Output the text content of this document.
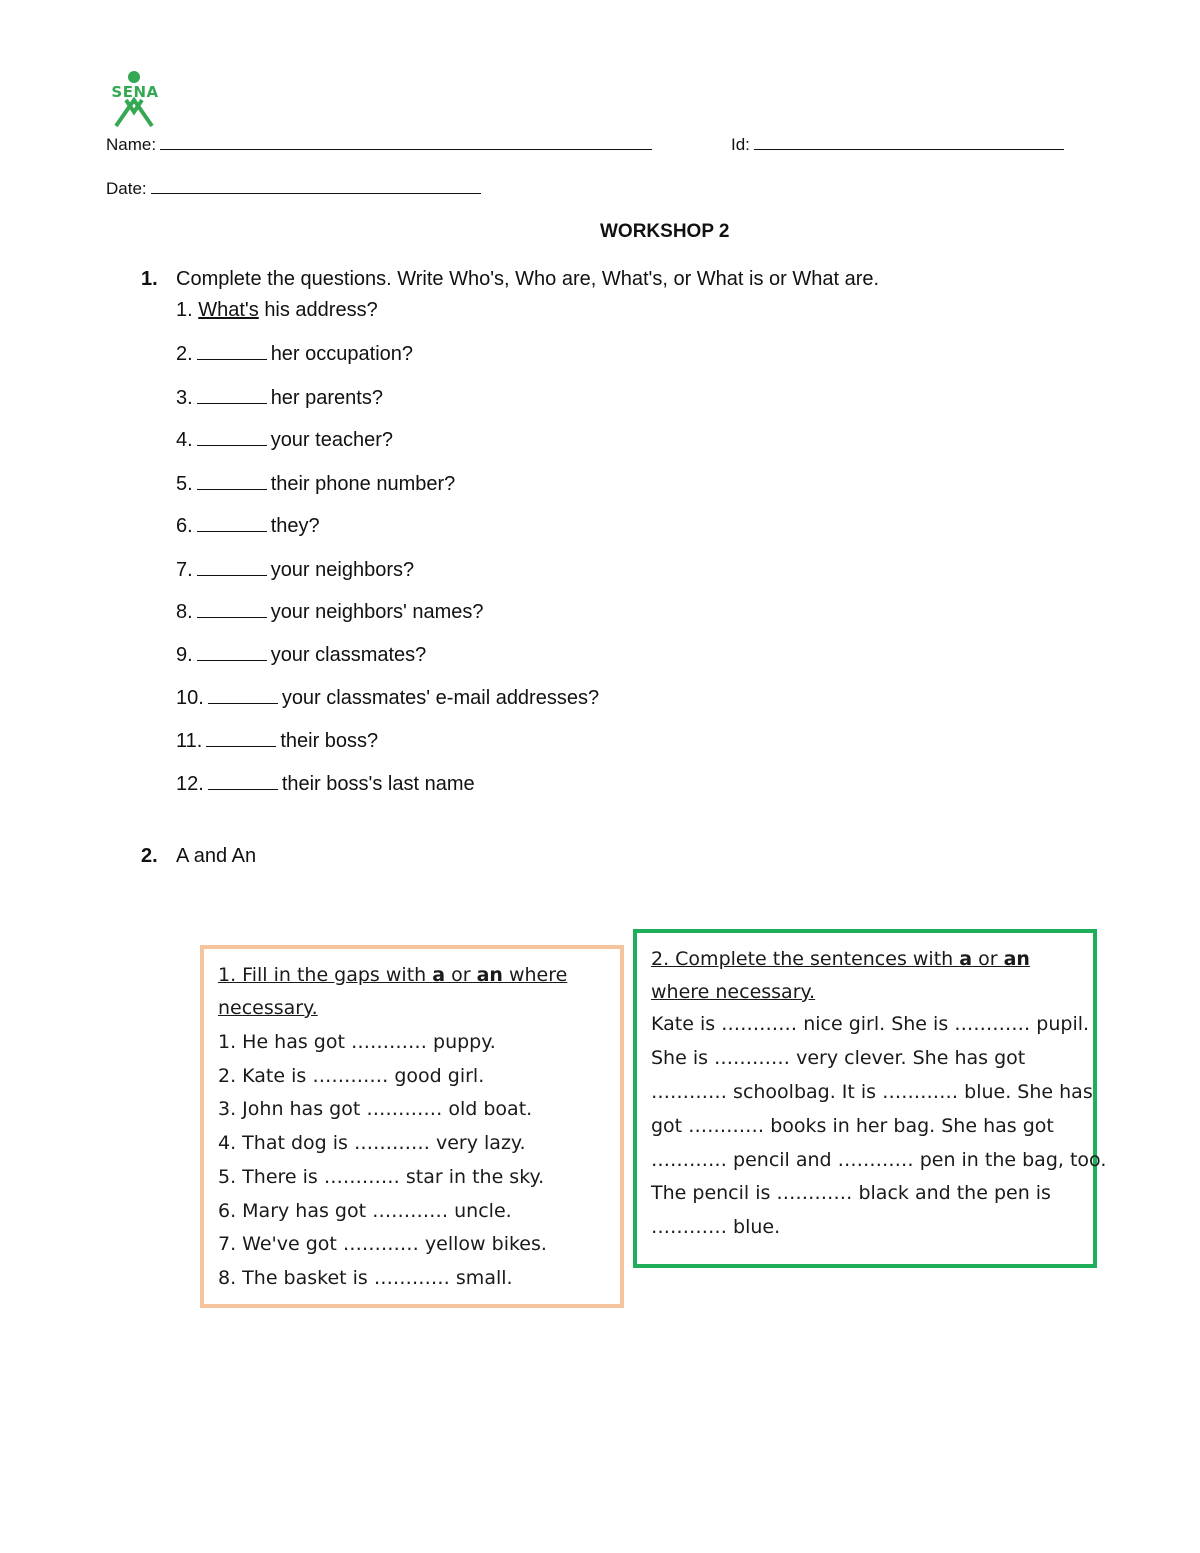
SENA
Name:	Id:
Date:
WORKSHOP 2
1. Complete the questions. Write Who's, Who are, What's, or What is or What are.
1. What's his address?
2.	her occupation?
3.	her parents?
4.	your teacher?
5.	their phone number?
6.	they?
7.	your neighbors?
8.	your neighbors' names?
9.	your classmates?
10.	your classmates' e-mail addresses?
11.	their boss?
12.	their boss's last name
2. A and An
1. Fill in the gaps with a or an where
necessary.
1. He has got ………… puppy.
2. Kate is ………… good girl.
3. John has got ………… old boat.
4. That dog is ………… very lazy.
5. There is ………… star in the sky.
6. Mary has got ………… uncle.
7. We've got ………… yellow bikes.
8. The basket is ………… small.
2. Complete the sentences with a or an
where necessary.
Kate is ………… nice girl. She is ………… pupil.
She is ………… very clever. She has got
………… schoolbag. It is ………… blue. She has
got ………… books in her bag. She has got
………… pencil and ………… pen in the bag, too.
The pencil is ………… black and the pen is
………… blue.
